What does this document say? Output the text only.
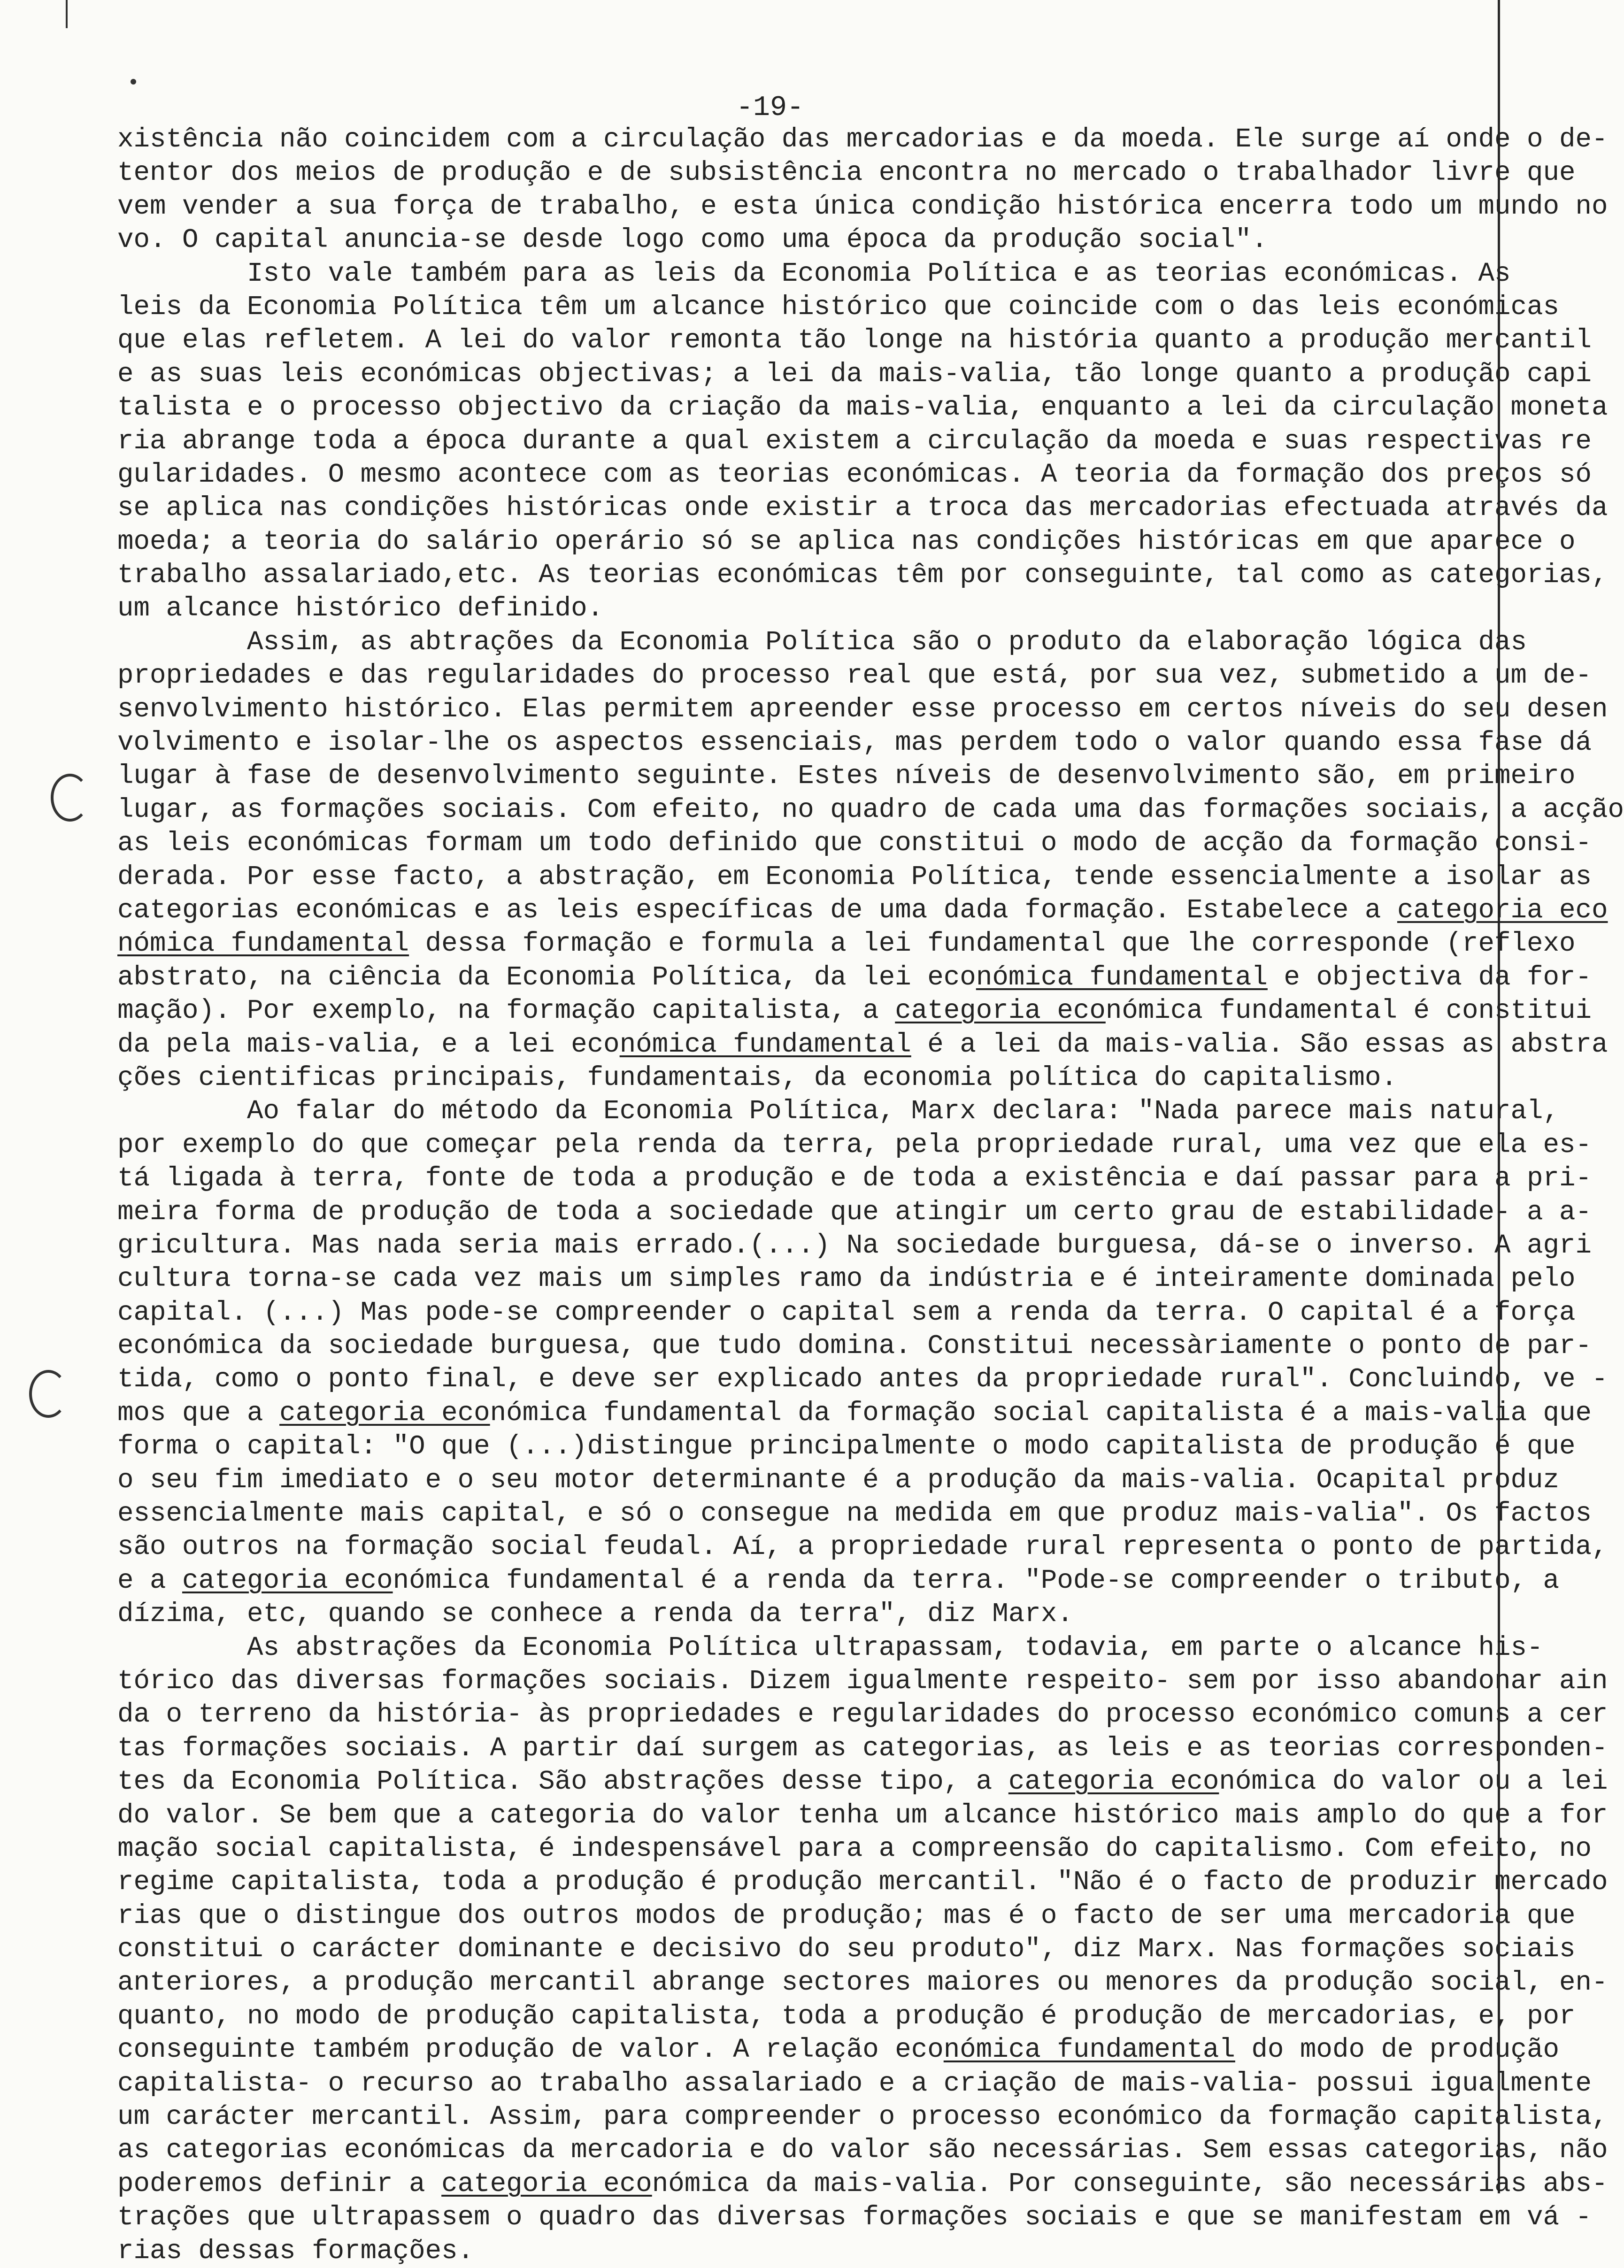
-19-
xistência não coincidem com a circulação das mercadorias e da moeda. Ele surge aí onde o de-
tentor dos meios de produção e de subsistência encontra no mercado o trabalhador livre que
vem vender a sua força de trabalho, e esta única condição histórica encerra todo um mundo no
vo. O capital anuncia-se desde logo como uma época da produção social".
Isto vale também para as leis da Economia Política e as teorias económicas. As
leis da Economia Política têm um alcance histórico que coincide com o das leis económicas
que elas refletem. A lei do valor remonta tão longe na história quanto a produção mercantil
e as suas leis económicas objectivas; a lei da mais-valia, tão longe quanto a produção capi
talista e o processo objectivo da criação da mais-valia, enquanto a lei da circulação moneta
ria abrange toda a época durante a qual existem a circulação da moeda e suas respectivas re
gularidades. O mesmo acontece com as teorias económicas. A teoria da formação dos preços só
se aplica nas condições históricas onde existir a troca das mercadorias efectuada através da
moeda; a teoria do salário operário só se aplica nas condições históricas em que aparece o
trabalho assalariado,etc. As teorias económicas têm por conseguinte, tal como as categorias,
um alcance histórico definido.
Assim, as abtrações da Economia Política são o produto da elaboração lógica das
propriedades e das regularidades do processo real que está, por sua vez, submetido a um de-
senvolvimento histórico. Elas permitem apreender esse processo em certos níveis do seu desen
volvimento e isolar-lhe os aspectos essenciais, mas perdem todo o valor quando essa fase dá
lugar à fase de desenvolvimento seguinte. Estes níveis de desenvolvimento são, em primeiro
lugar, as formações sociais. Com efeito, no quadro de cada uma das formações sociais, a acção
as leis económicas formam um todo definido que constitui o modo de acção da formação consi-
derada. Por esse facto, a abstração, em Economia Política, tende essencialmente a isolar as
categorias económicas e as leis específicas de uma dada formação. Estabelece a categoria eco
nómica fundamental dessa formação e formula a lei fundamental que lhe corresponde (reflexo
abstrato, na ciência da Economia Política, da lei económica fundamental e objectiva da for-
mação). Por exemplo, na formação capitalista, a categoria económica fundamental é constitui
da pela mais-valia, e a lei económica fundamental é a lei da mais-valia. São essas as abstra
ções cientificas principais, fundamentais, da economia política do capitalismo.
Ao falar do método da Economia Política, Marx declara: "Nada parece mais natural,
por exemplo do que começar pela renda da terra, pela propriedade rural, uma vez que ela es-
tá ligada à terra, fonte de toda a produção e de toda a existência e daí passar para a pri-
meira forma de produção de toda a sociedade que atingir um certo grau de estabilidade- a a-
gricultura. Mas nada seria mais errado.(...) Na sociedade burguesa, dá-se o inverso. A agri
cultura torna-se cada vez mais um simples ramo da indústria e é inteiramente dominada pelo
capital. (...) Mas pode-se compreender o capital sem a renda da terra. O capital é a força
económica da sociedade burguesa, que tudo domina. Constitui necessàriamente o ponto de par-
tida, como o ponto final, e deve ser explicado antes da propriedade rural". Concluindo, ve -
mos que a categoria económica fundamental da formação social capitalista é a mais-valia que
forma o capital: "O que (...)distingue principalmente o modo capitalista de produção é que
o seu fim imediato e o seu motor determinante é a produção da mais-valia. Ocapital produz
essencialmente mais capital, e só o consegue na medida em que produz mais-valia". Os factos
são outros na formação social feudal. Aí, a propriedade rural representa o ponto de partida,
e a categoria económica fundamental é a renda da terra. "Pode-se compreender o tributo, a
dízima, etc, quando se conhece a renda da terra", diz Marx.
As abstrações da Economia Política ultrapassam, todavia, em parte o alcance his-
tórico das diversas formações sociais. Dizem igualmente respeito- sem por isso abandonar ain
da o terreno da história- às propriedades e regularidades do processo económico comuns a cer
tas formações sociais. A partir daí surgem as categorias, as leis e as teorias corresponden-
tes da Economia Política. São abstrações desse tipo, a categoria económica do valor ou a lei
do valor. Se bem que a categoria do valor tenha um alcance histórico mais amplo do que a for
mação social capitalista, é indespensável para a compreensão do capitalismo. Com efeito, no
regime capitalista, toda a produção é produção mercantil. "Não é o facto de produzir mercado
rias que o distingue dos outros modos de produção; mas é o facto de ser uma mercadoria que
constitui o carácter dominante e decisivo do seu produto", diz Marx. Nas formações sociais
anteriores, a produção mercantil abrange sectores maiores ou menores da produção social, en-
quanto, no modo de produção capitalista, toda a produção é produção de mercadorias, e, por
conseguinte também produção de valor. A relação económica fundamental do modo de produção
capitalista- o recurso ao trabalho assalariado e a criação de mais-valia- possui igualmente
um carácter mercantil. Assim, para compreender o processo económico da formação capitalista,
as categorias económicas da mercadoria e do valor são necessárias. Sem essas categorias, não
poderemos definir a categoria económica da mais-valia. Por conseguinte, são necessárias abs-
trações que ultrapassem o quadro das diversas formações sociais e que se manifestam em vá -
rias dessas formações.
